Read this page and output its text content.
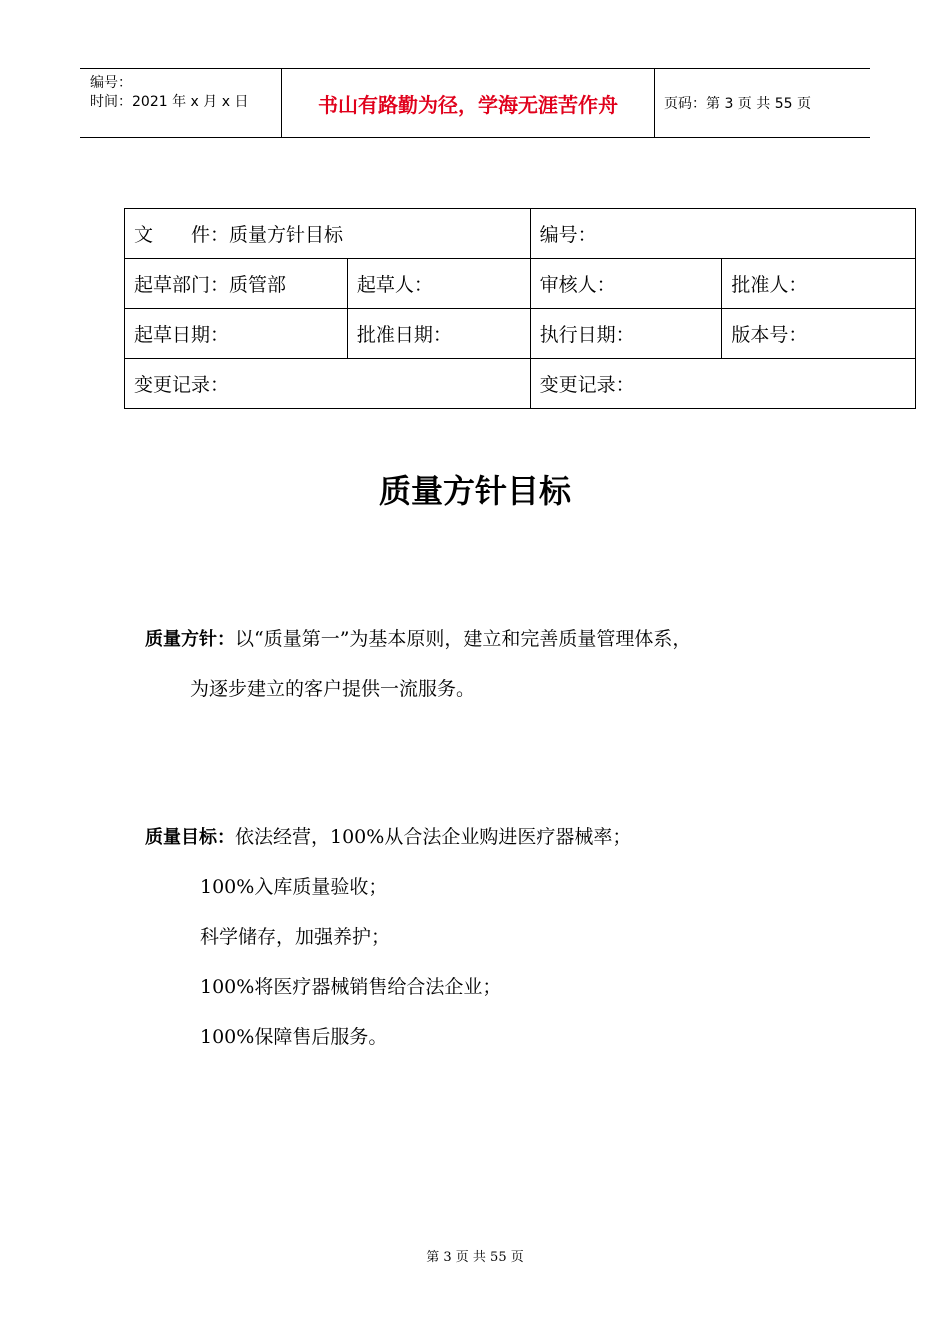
编号：
时间：2021 年 x 月 x 日	书山有路勤为径，学海无涯苦作舟	页码：第 3 页 共 55 页
文　　件：质量方针目标		编号：	
起草部门：质管部	起草人：	审核人：	批准人：
起草日期：	批准日期：	执行日期：	版本号：
变更记录：		变更记录：	
质量方针目标
质量方针：以“质量第一”为基本原则，建立和完善质量管理体系，
为逐步建立的客户提供一流服务。
质量目标：依法经营，100%从合法企业购进医疗器械率；
100%入库质量验收；
科学储存，加强养护；
100%将医疗器械销售给合法企业；
100%保障售后服务。
第 3 页 共 55 页
